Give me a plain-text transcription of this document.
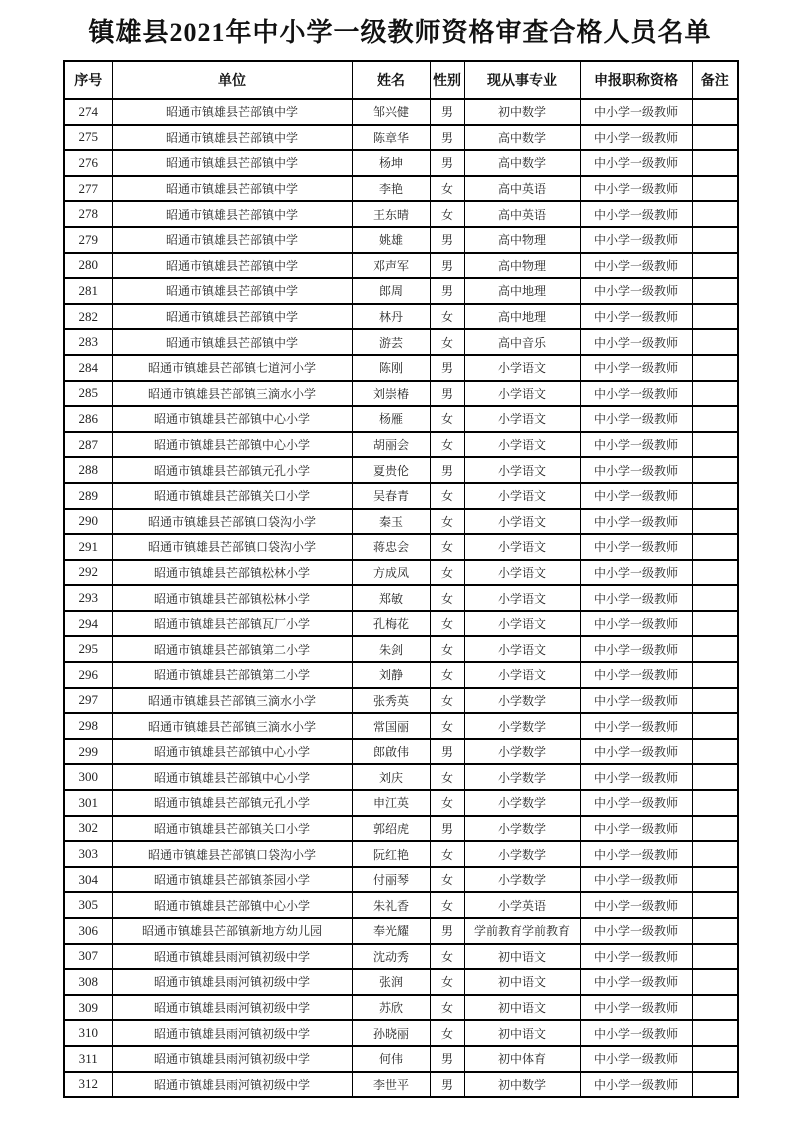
镇雄县2021年中小学一级教师资格审查合格人员名单
序号	单位	姓名	性别	现从事专业	申报职称资格	备注
274	昭通市镇雄县芒部镇中学	邹兴健	男	初中数学	中小学一级教师	
275	昭通市镇雄县芒部镇中学	陈章华	男	高中数学	中小学一级教师	
276	昭通市镇雄县芒部镇中学	杨坤	男	高中数学	中小学一级教师	
277	昭通市镇雄县芒部镇中学	李艳	女	高中英语	中小学一级教师	
278	昭通市镇雄县芒部镇中学	王东晴	女	高中英语	中小学一级教师	
279	昭通市镇雄县芒部镇中学	姚雄	男	高中物理	中小学一级教师	
280	昭通市镇雄县芒部镇中学	邓声军	男	高中物理	中小学一级教师	
281	昭通市镇雄县芒部镇中学	郎周	男	高中地理	中小学一级教师	
282	昭通市镇雄县芒部镇中学	林丹	女	高中地理	中小学一级教师	
283	昭通市镇雄县芒部镇中学	游芸	女	高中音乐	中小学一级教师	
284	昭通市镇雄县芒部镇七道河小学	陈刚	男	小学语文	中小学一级教师	
285	昭通市镇雄县芒部镇三滴水小学	刘崇椿	男	小学语文	中小学一级教师	
286	昭通市镇雄县芒部镇中心小学	杨雁	女	小学语文	中小学一级教师	
287	昭通市镇雄县芒部镇中心小学	胡丽会	女	小学语文	中小学一级教师	
288	昭通市镇雄县芒部镇元孔小学	夏贵伦	男	小学语文	中小学一级教师	
289	昭通市镇雄县芒部镇关口小学	吴春青	女	小学语文	中小学一级教师	
290	昭通市镇雄县芒部镇口袋沟小学	秦玉	女	小学语文	中小学一级教师	
291	昭通市镇雄县芒部镇口袋沟小学	蒋忠会	女	小学语文	中小学一级教师	
292	昭通市镇雄县芒部镇松林小学	方成凤	女	小学语文	中小学一级教师	
293	昭通市镇雄县芒部镇松林小学	郑敏	女	小学语文	中小学一级教师	
294	昭通市镇雄县芒部镇瓦厂小学	孔梅花	女	小学语文	中小学一级教师	
295	昭通市镇雄县芒部镇第二小学	朱剑	女	小学语文	中小学一级教师	
296	昭通市镇雄县芒部镇第二小学	刘静	女	小学语文	中小学一级教师	
297	昭通市镇雄县芒部镇三滴水小学	张秀英	女	小学数学	中小学一级教师	
298	昭通市镇雄县芒部镇三滴水小学	常国丽	女	小学数学	中小学一级教师	
299	昭通市镇雄县芒部镇中心小学	郎啟伟	男	小学数学	中小学一级教师	
300	昭通市镇雄县芒部镇中心小学	刘庆	女	小学数学	中小学一级教师	
301	昭通市镇雄县芒部镇元孔小学	申江英	女	小学数学	中小学一级教师	
302	昭通市镇雄县芒部镇关口小学	郭绍虎	男	小学数学	中小学一级教师	
303	昭通市镇雄县芒部镇口袋沟小学	阮红艳	女	小学数学	中小学一级教师	
304	昭通市镇雄县芒部镇茶园小学	付丽琴	女	小学数学	中小学一级教师	
305	昭通市镇雄县芒部镇中心小学	朱礼香	女	小学英语	中小学一级教师	
306	昭通市镇雄县芒部镇新地方幼儿园	奉光耀	男	学前教育学前教育	中小学一级教师	
307	昭通市镇雄县雨河镇初级中学	沈动秀	女	初中语文	中小学一级教师	
308	昭通市镇雄县雨河镇初级中学	张润	女	初中语文	中小学一级教师	
309	昭通市镇雄县雨河镇初级中学	苏欣	女	初中语文	中小学一级教师	
310	昭通市镇雄县雨河镇初级中学	孙晓丽	女	初中语文	中小学一级教师	
311	昭通市镇雄县雨河镇初级中学	何伟	男	初中体育	中小学一级教师	
312	昭通市镇雄县雨河镇初级中学	李世平	男	初中数学	中小学一级教师	
